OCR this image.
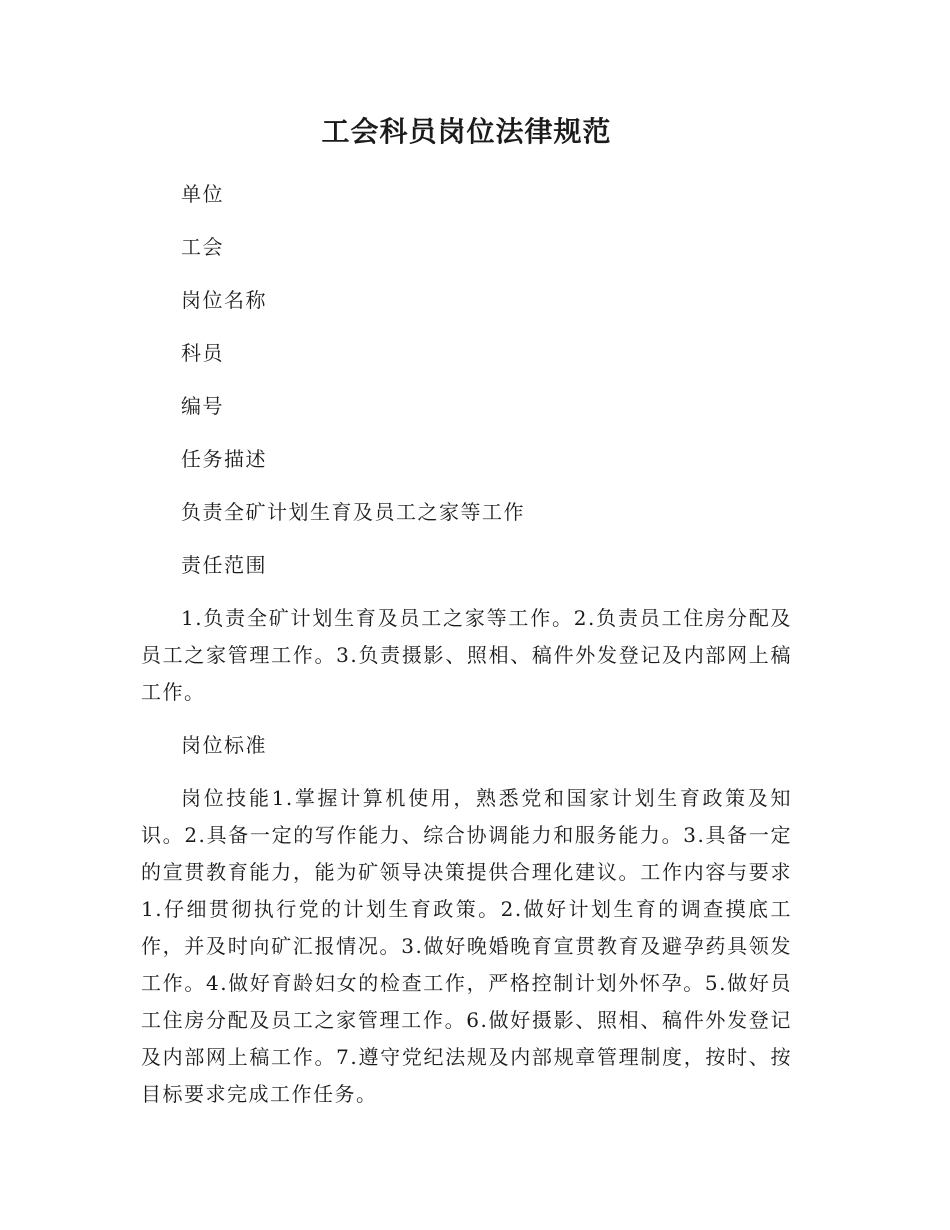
工会科员岗位法律规范

单位

工会

岗位名称

科员

编号

任务描述

负责全矿计划生育及员工之家等工作

责任范围

1.负责全矿计划生育及员工之家等工作。2.负责员工住房分配及员工之家管理工作。3.负责摄影、照相、稿件外发登记及内部网上稿工作。

岗位标准

岗位技能1.掌握计算机使用，熟悉党和国家计划生育政策及知识。2.具备一定的写作能力、综合协调能力和服务能力。3.具备一定的宣贯教育能力，能为矿领导决策提供合理化建议。工作内容与要求1.仔细贯彻执行党的计划生育政策。2.做好计划生育的调查摸底工作，并及时向矿汇报情况。3.做好晚婚晚育宣贯教育及避孕药具领发工作。4.做好育龄妇女的检查工作，严格控制计划外怀孕。5.做好员工住房分配及员工之家管理工作。6.做好摄影、照相、稿件外发登记及内部网上稿工作。7.遵守党纪法规及内部规章管理制度，按时、按目标要求完成工作任务。
